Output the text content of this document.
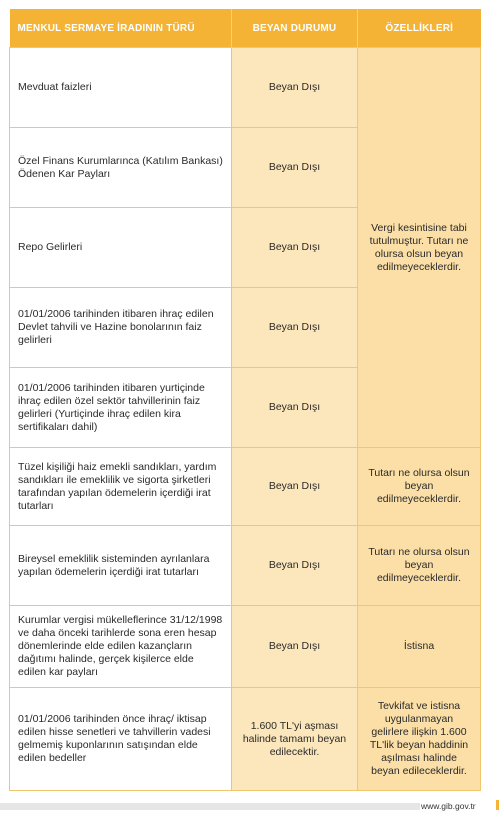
MENKUL SERMAYE İRADININ TÜRÜ	BEYAN DURUMU	ÖZELLİKLERİ
Mevduat faizleri	Beyan Dışı	Vergi kesintisine tabi tutulmuştur. Tutarı ne olursa olsun beyan edilmeyeceklerdir.
Özel Finans Kurumlarınca (Katılım Bankası) Ödenen Kar Payları	Beyan Dışı	
Repo Gelirleri	Beyan Dışı	
01/01/2006 tarihinden itibaren ihraç edilen Devlet tahvili ve Hazine bonolarının faiz gelirleri	Beyan Dışı	
01/01/2006 tarihinden itibaren yurtiçinde ihraç edilen özel sektör tahvillerinin faiz gelirleri (Yurtiçinde ihraç edilen kira sertifikaları dahil)	Beyan Dışı	
Tüzel kişiliği haiz emekli sandıkları, yardım sandıkları ile emeklilik ve sigorta şirketleri tarafından yapılan ödemelerin içerdiği irat tutarları	Beyan Dışı	Tutarı ne olursa olsun beyan edilmeyeceklerdir.
Bireysel emeklilik sisteminden ayrılanlara yapılan ödemelerin içerdiği irat tutarları	Beyan Dışı	Tutarı ne olursa olsun beyan edilmeyeceklerdir.
Kurumlar vergisi mükelleflerince 31/12/1998 ve daha önceki tarihlerde sona eren hesap dönemlerinde elde edilen kazançların dağıtımı halinde, gerçek kişilerce elde edilen kar payları	Beyan Dışı	İstisna
01/01/2006 tarihinden önce ihraç/ iktisap edilen hisse senetleri ve tahvillerin vadesi gelmemiş kuponlarının satışından elde edilen bedeller	1.600 TL'yi aşması halinde tamamı beyan edilecektir.	Tevkifat ve istisna uygulanmayan gelirlere ilişkin 1.600 TL'lik beyan haddinin aşılması halinde beyan edileceklerdir.
www.gib.gov.tr
